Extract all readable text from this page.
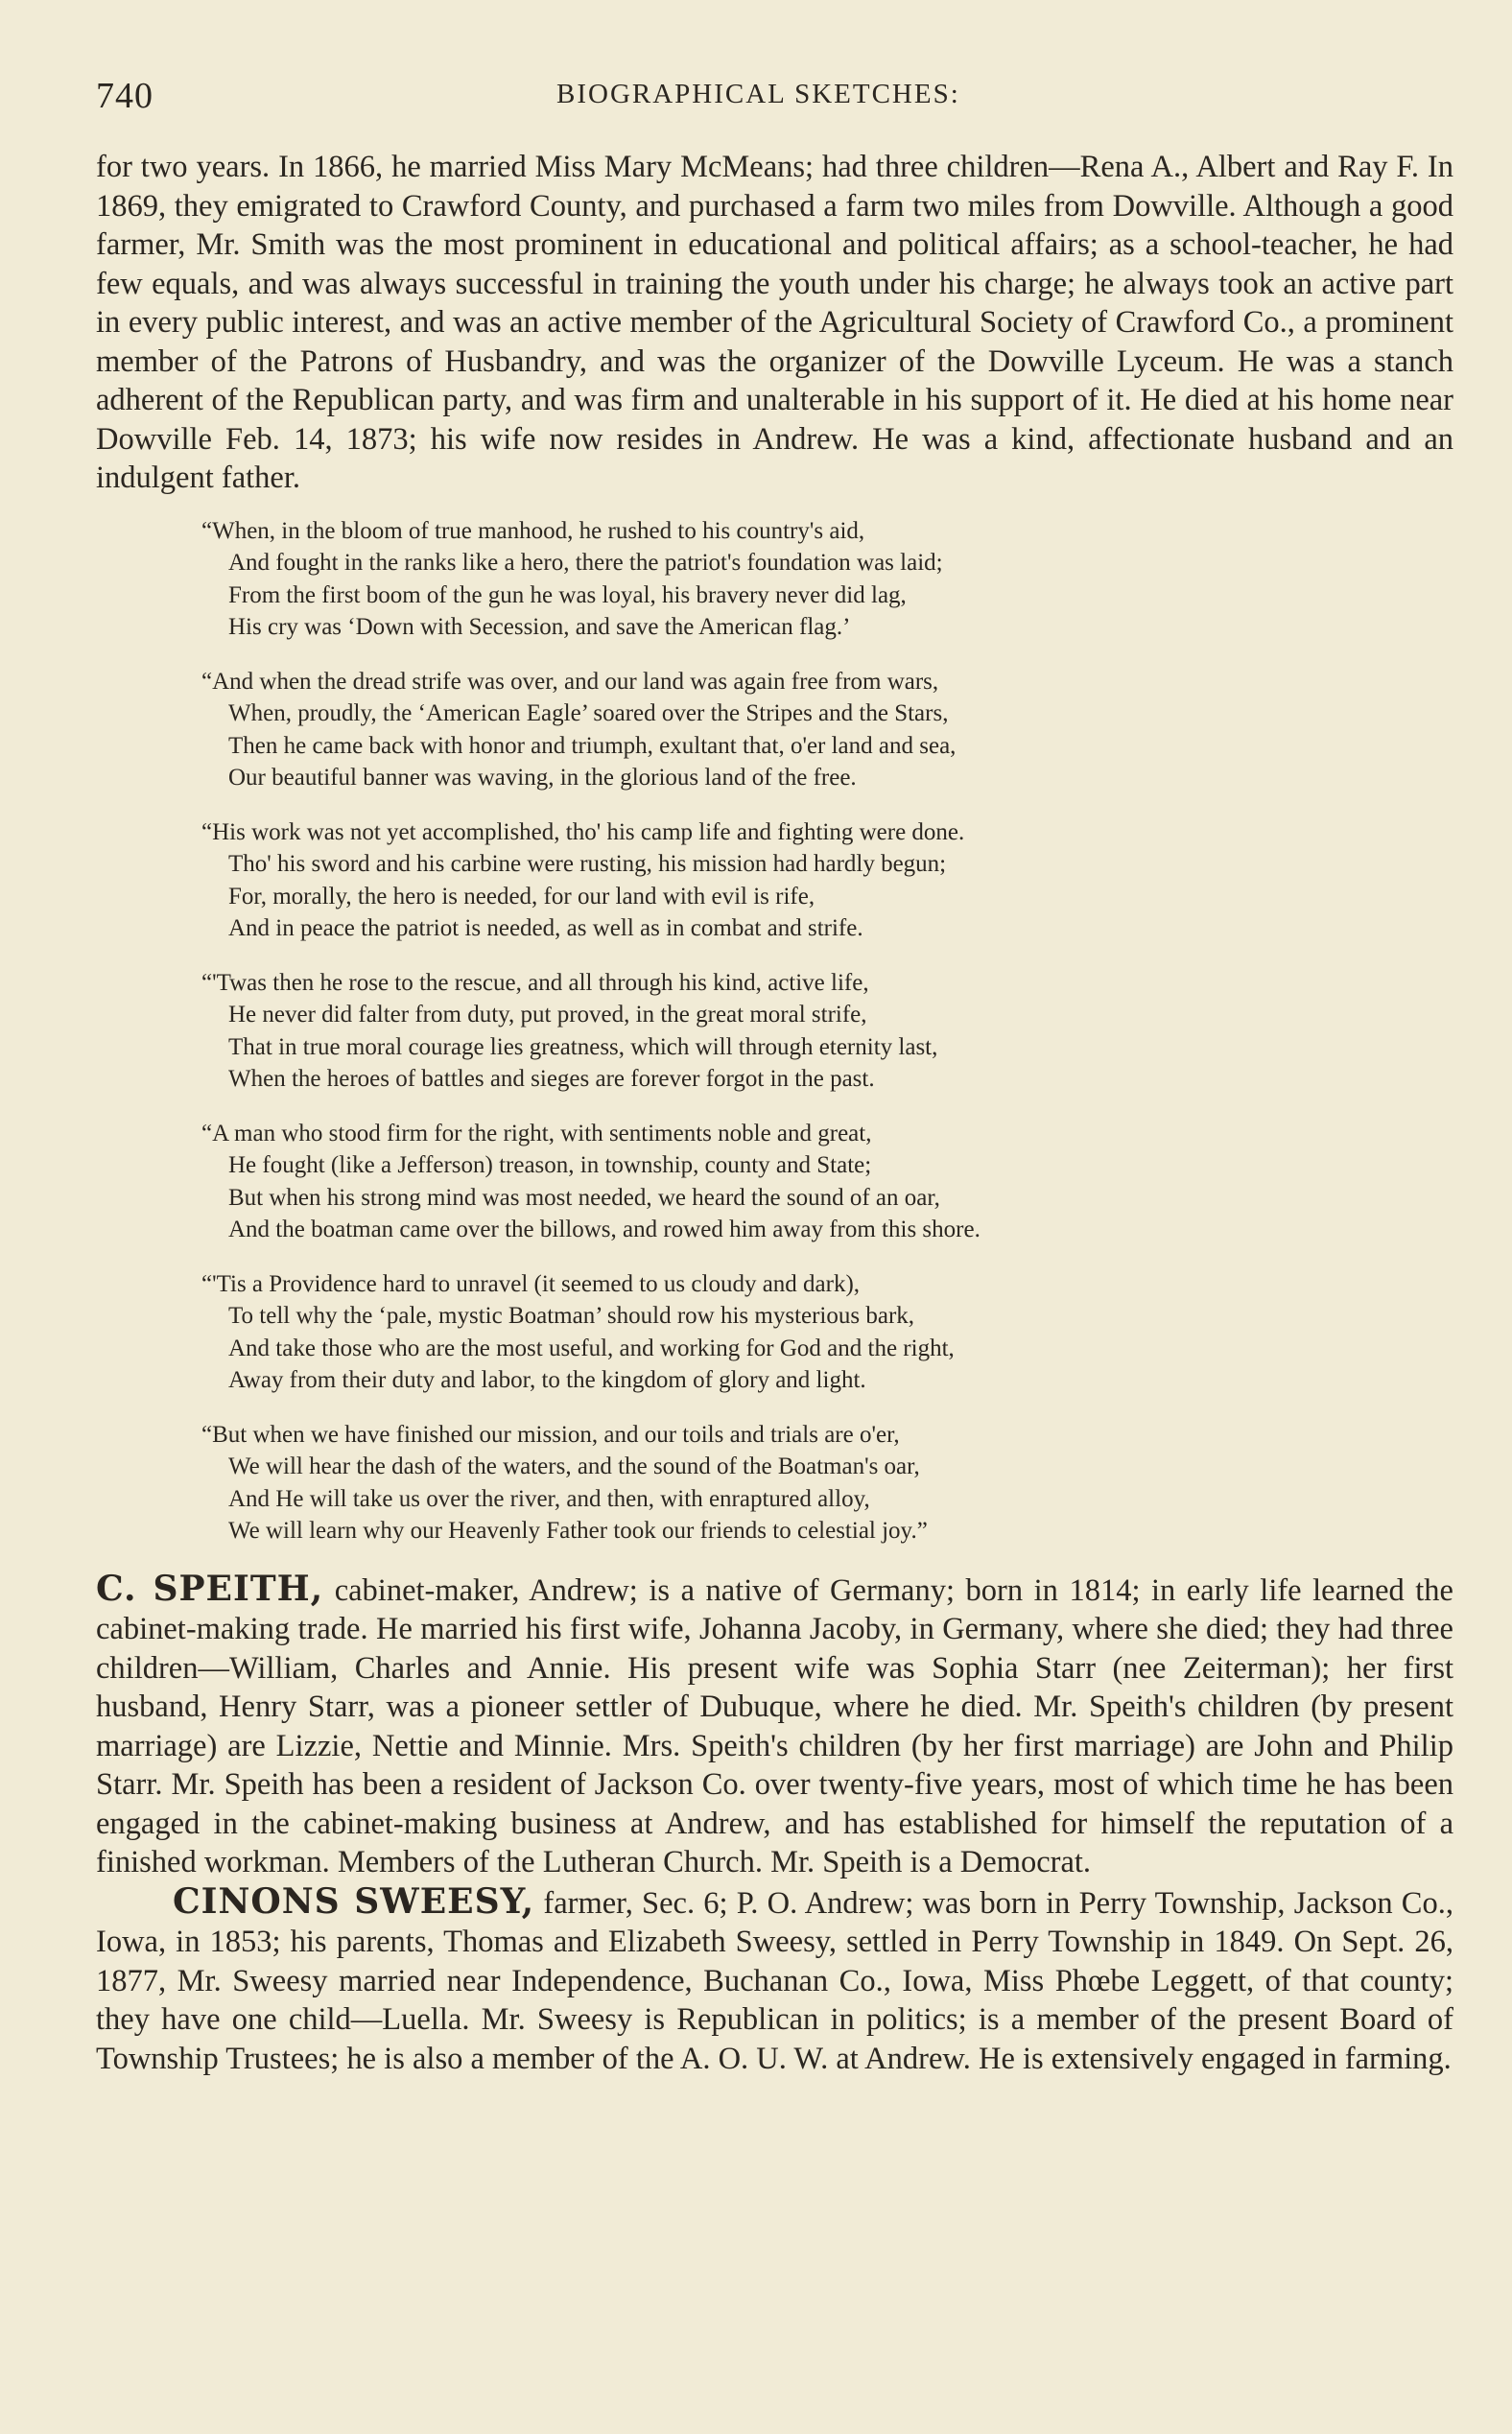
740	BIOGRAPHICAL SKETCHES:

for two years. In 1866, he married Miss Mary McMeans; had three children—Rena A., Albert and Ray F. In 1869, they emigrated to Crawford County, and purchased a farm two miles from Dowville. Although a good farmer, Mr. Smith was the most prominent in educational and political affairs; as a school-teacher, he had few equals, and was always successful in training the youth under his charge; he always took an active part in every public interest, and was an active member of the Agricultural Society of Crawford Co., a prominent member of the Patrons of Husbandry, and was the organizer of the Dowville Lyceum. He was a stanch adherent of the Republican party, and was firm and unalterable in his support of it. He died at his home near Dowville Feb. 14, 1873; his wife now resides in Andrew. He was a kind, affectionate husband and an indulgent father.

“When, in the bloom of true manhood, he rushed to his country's aid,
And fought in the ranks like a hero, there the patriot's foundation was laid;
From the first boom of the gun he was loyal, his bravery never did lag,
His cry was ‘Down with Secession, and save the American flag.’
“And when the dread strife was over, and our land was again free from wars,
When, proudly, the ‘American Eagle’ soared over the Stripes and the Stars,
Then he came back with honor and triumph, exultant that, o'er land and sea,
Our beautiful banner was waving, in the glorious land of the free.
“His work was not yet accomplished, tho' his camp life and fighting were done.
Tho' his sword and his carbine were rusting, his mission had hardly begun;
For, morally, the hero is needed, for our land with evil is rife,
And in peace the patriot is needed, as well as in combat and strife.
“'Twas then he rose to the rescue, and all through his kind, active life,
He never did falter from duty, put proved, in the great moral strife,
That in true moral courage lies greatness, which will through eternity last,
When the heroes of battles and sieges are forever forgot in the past.
“A man who stood firm for the right, with sentiments noble and great,
He fought (like a Jefferson) treason, in township, county and State;
But when his strong mind was most needed, we heard the sound of an oar,
And the boatman came over the billows, and rowed him away from this shore.
“'Tis a Providence hard to unravel (it seemed to us cloudy and dark),
To tell why the ‘pale, mystic Boatman’ should row his mysterious bark,
And take those who are the most useful, and working for God and the right,
Away from their duty and labor, to the kingdom of glory and light.
“But when we have finished our mission, and our toils and trials are o'er,
We will hear the dash of the waters, and the sound of the Boatman's oar,
And He will take us over the river, and then, with enraptured alloy,
We will learn why our Heavenly Father took our friends to celestial joy.”

C. SPEITH, cabinet-maker, Andrew; is a native of Germany; born in 1814; in early life learned the cabinet-making trade. He married his first wife, Johanna Jacoby, in Germany, where she died; they had three children—William, Charles and Annie. His present wife was Sophia Starr (nee Zeiterman); her first husband, Henry Starr, was a pioneer settler of Dubuque, where he died. Mr. Speith's children (by present marriage) are Lizzie, Nettie and Minnie. Mrs. Speith's children (by her first marriage) are John and Philip Starr. Mr. Speith has been a resident of Jackson Co. over twenty-five years, most of which time he has been engaged in the cabinet-making business at Andrew, and has established for himself the reputation of a finished workman. Members of the Lutheran Church. Mr. Speith is a Democrat.

CINONS SWEESY, farmer, Sec. 6; P. O. Andrew; was born in Perry Township, Jackson Co., Iowa, in 1853; his parents, Thomas and Elizabeth Sweesy, settled in Perry Township in 1849. On Sept. 26, 1877, Mr. Sweesy married near Independence, Buchanan Co., Iowa, Miss Phœbe Leggett, of that county; they have one child—Luella. Mr. Sweesy is Republican in politics; is a member of the present Board of Township Trustees; he is also a member of the A. O. U. W. at Andrew. He is extensively engaged in farming.
